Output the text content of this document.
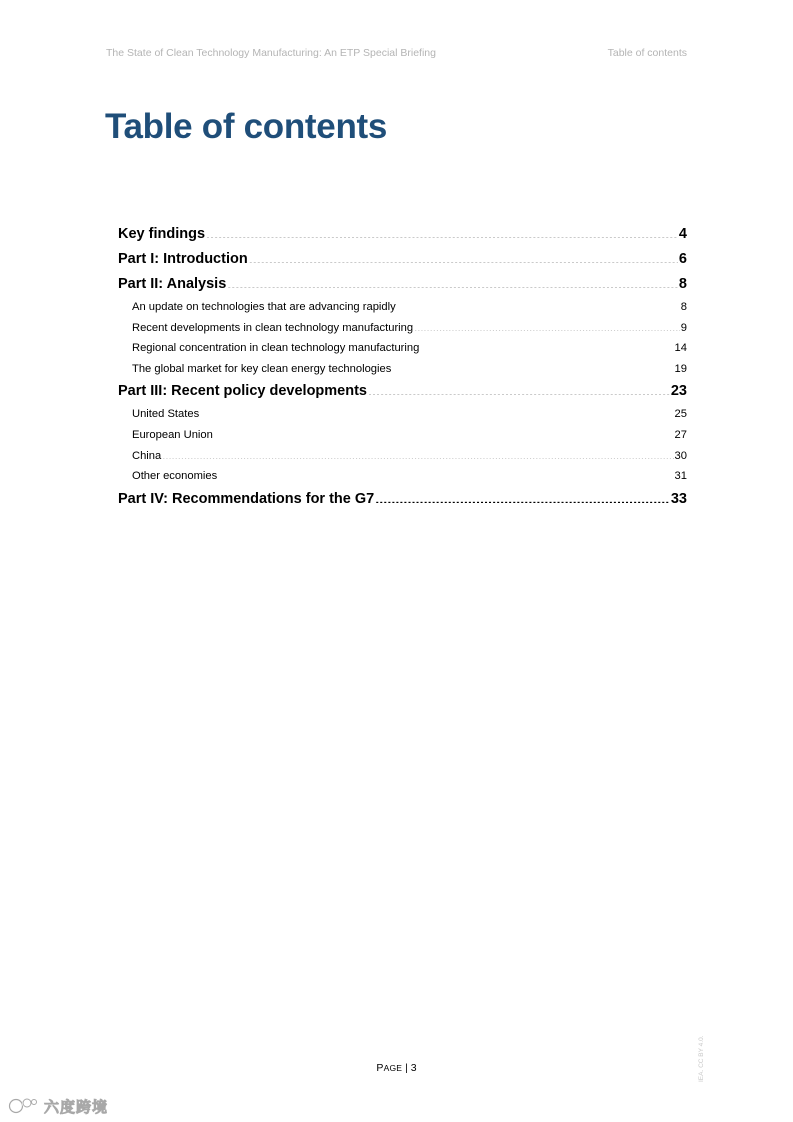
The State of Clean Technology Manufacturing: An ETP Special Briefing	Table of contents
Table of contents
Key findings .....	4
Part I: Introduction .....	6
Part II: Analysis .....	8
An update on technologies that are advancing rapidly .....	8
Recent developments in clean technology manufacturing .....	9
Regional concentration in clean technology manufacturing .....	14
The global market for key clean energy technologies .....	19
Part III: Recent policy developments .....	23
United States .....	25
European Union .....	27
China .....	30
Other economies .....	31
Part IV: Recommendations for the G7 .....	33
PAGE | 3	IEA. CC BY 4.0.
六度跨境
